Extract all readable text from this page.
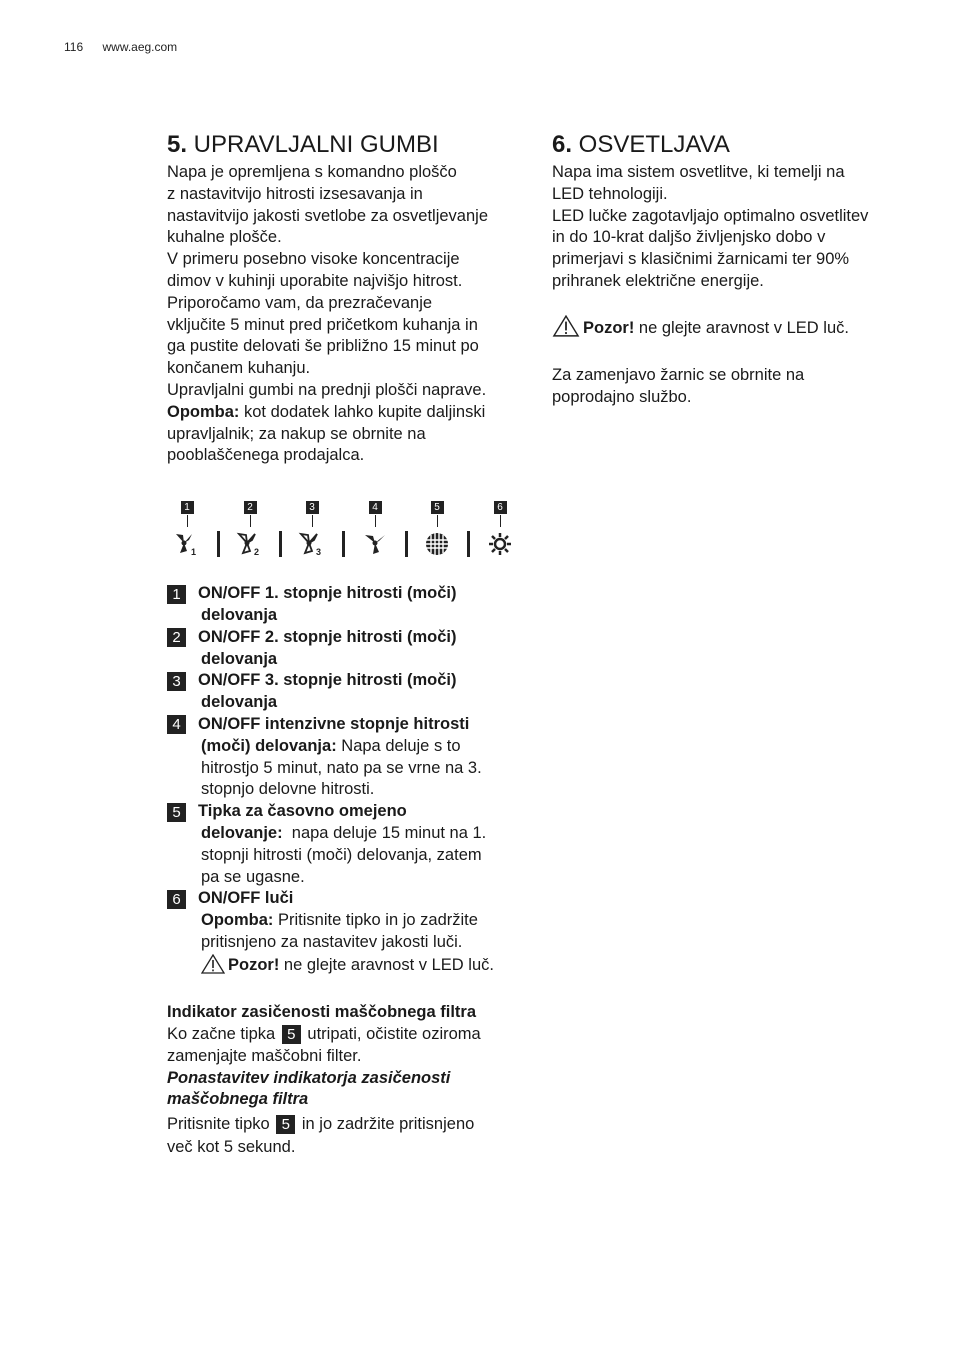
116 www.aeg.com
5. UPRAVLJALNI GUMBI

Napa je opremljena s komandno ploščo

z nastavitvijo hitrosti izsesavanja in

nastavitvijo jakosti svetlobe za osvetljevanje

kuhalne plošče.

V primeru posebno visoke koncentracije

dimov v kuhinji uporabite najvišjo hitrost.

Priporočamo vam, da prezračevanje

vključite 5 minut pred pričetkom kuhanja in

ga pustite delovati še približno 15 minut po

končanem kuhanju.

Upravljalni gumbi na prednji plošči naprave.

Opomba: kot dodatek lahko kupite daljinski

upravljalnik; za nakup se obrnite na

pooblaščenega prodajalca.

1
1
2
2
3
3
4	5	6
1	ON/OFF 1. stopnje hitrosti (moči)
delovanja
2	ON/OFF 2. stopnje hitrosti (moči)
delovanja
3	ON/OFF 3. stopnje hitrosti (moči)
delovanja
4	ON/OFF intenzivne stopnje hitrosti
(moči) delovanja: Napa deluje s to
hitrostjo 5 minut, nato pa se vrne na 3.
stopnjo delovne hitrosti.
5	Tipka za časovno omejeno
delovanje:  napa deluje 15 minut na 1.
stopnji hitrosti (moči) delovanja, zatem
pa se ugasne.
6	ON/OFF luči
Opomba: Pritisnite tipko in jo zadržite
pritisnjeno za nastavitev jakosti luči.
Pozor! ne glejte aravnost v LED luč.

Indikator zasičenosti maščobnega filtra

Ko začne tipka 5 utripati, očistite oziroma

zamenjajte maščobni filter.

Ponastavitev indikatorja zasičenosti

maščobnega filtra

Pritisnite tipko 5 in jo zadržite pritisnjeno

več kot 5 sekund.

6. OSVETLJAVA

Napa ima sistem osvetlitve, ki temelji na

LED tehnologiji.

LED lučke zagotavljajo optimalno osvetlitev

in do 10-krat daljšo življenjsko dobo v

primerjavi s klasičnimi žarnicami ter 90%

prihranek električne energije.

Pozor! ne glejte aravnost v LED luč.

Za zamenjavo žarnic se obrnite na

poprodajno službo.
